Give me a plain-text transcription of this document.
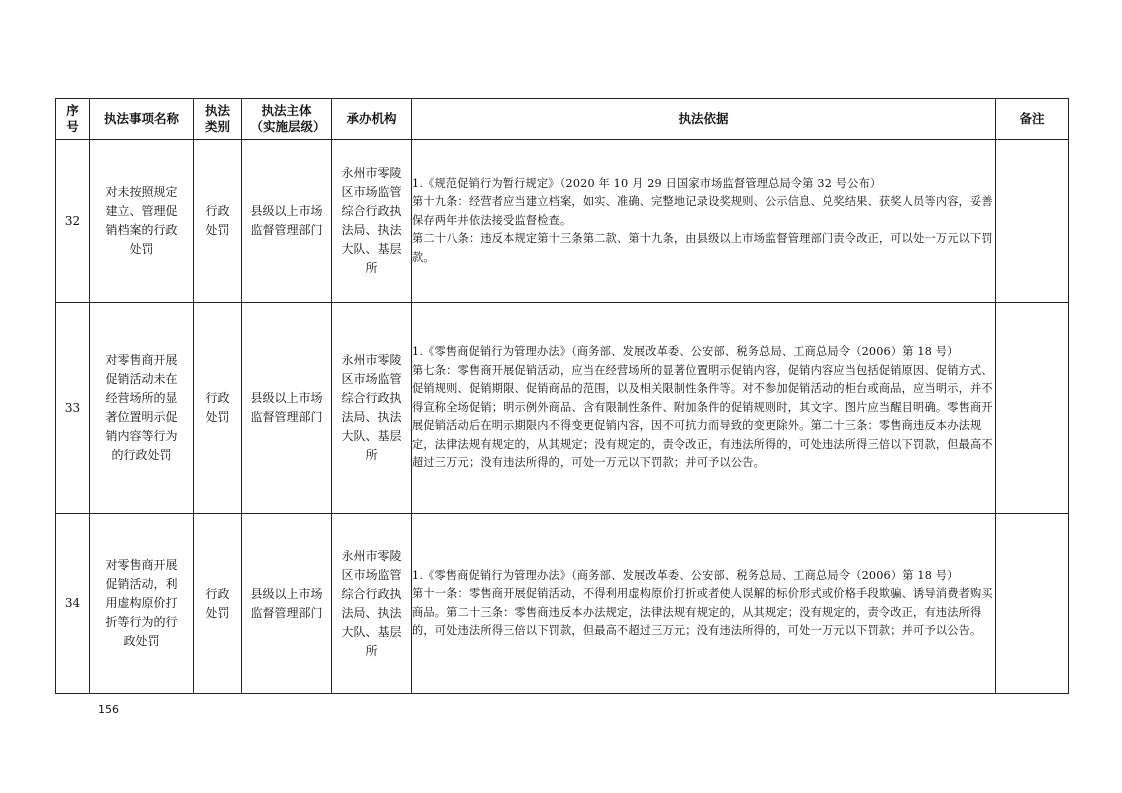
序号	执法事项名称	执法类别	执法主体（实施层级）	承办机构	执法依据	备注
32	对未按照规定建立、管理促销档案的行政处罚	行政处罚	县级以上市场监督管理部门	永州市零陵区市场监管综合行政执法局、执法大队、基层所	1.《规范促销行为暂行规定》（2020 年 10 月 29 日国家市场监督管理总局令第 32 号公布）
第十九条：经营者应当建立档案，如实、准确、完整地记录设奖规则、公示信息、兑奖结果、获奖人员等内容，妥善保存两年并依法接受监督检查。
第二十八条：违反本规定第十三条第二款、第十九条，由县级以上市场监督管理部门责令改正，可以处一万元以下罚款。	

33	对零售商开展促销活动未在经营场所的显著位置明示促销内容等行为的行政处罚	行政处罚	县级以上市场监督管理部门	永州市零陵区市场监管综合行政执法局、执法大队、基层所	1.《零售商促销行为管理办法》（商务部、发展改革委、公安部、税务总局、工商总局令（2006）第 18 号）
第七条：零售商开展促销活动，应当在经营场所的显著位置明示促销内容，促销内容应当包括促销原因、促销方式、促销规则、促销期限、促销商品的范围，以及相关限制性条件等。对不参加促销活动的柜台或商品，应当明示，并不得宣称全场促销；明示例外商品、含有限制性条件、附加条件的促销规则时，其文字、图片应当醒目明确。零售商开展促销活动后在明示期限内不得变更促销内容，因不可抗力而导致的变更除外。第二十三条：零售商违反本办法规定，法律法规有规定的，从其规定；没有规定的，责令改正，有违法所得的，可处违法所得三倍以下罚款，但最高不超过三万元；没有违法所得的，可处一万元以下罚款；并可予以公告。	

34	对零售商开展促销活动，利用虚构原价打折等行为的行政处罚	行政处罚	县级以上市场监督管理部门	永州市零陵区市场监管综合行政执法局、执法大队、基层所	1.《零售商促销行为管理办法》（商务部、发展改革委、公安部、税务总局、工商总局令（2006）第 18 号）
第十一条：零售商开展促销活动，不得利用虚构原价打折或者使人误解的标价形式或价格手段欺骗、诱导消费者购买商品。第二十三条：零售商违反本办法规定，法律法规有规定的，从其规定；没有规定的，责令改正，有违法所得的，可处违法所得三倍以下罚款，但最高不超过三万元；没有违法所得的，可处一万元以下罚款；并可予以公告。	

156
